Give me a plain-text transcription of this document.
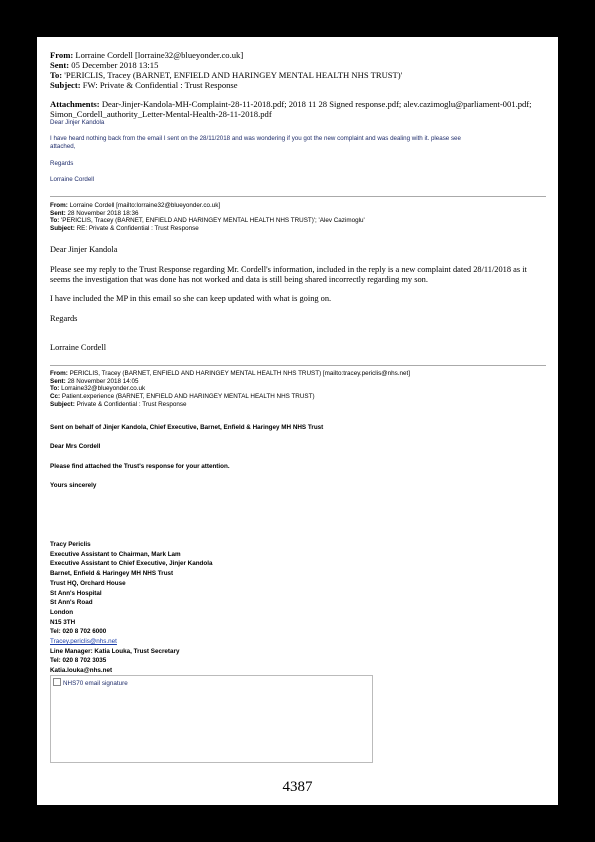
From: Lorraine Cordell [lorraine32@blueyonder.co.uk]
Sent: 05 December 2018 13:15
To: 'PERICLIS, Tracey (BARNET, ENFIELD AND HARINGEY MENTAL HEALTH NHS TRUST)'
Subject: FW: Private & Confidential : Trust Response
Attachments: Dear-Jinjer-Kandola-MH-Complaint-28-11-2018.pdf; 2018 11 28 Signed response.pdf; alev.cazimoglu@parliament-001.pdf;
Simon_Cordell_authority_Letter-Mental-Health-28-11-2018.pdf
Dear Jinjer Kandola
I have heard nothing back from the email I sent on the 28/11/2018 and was wondering if you got the new complaint and was dealing with it. please see
attached,
Regards
Lorraine Cordell
From: Lorraine Cordell [mailto:lorraine32@blueyonder.co.uk]
Sent: 28 November 2018 18:36
To: 'PERICLIS, Tracey (BARNET, ENFIELD AND HARINGEY MENTAL HEALTH NHS TRUST)'; 'Alev Cazimoglu'
Subject: RE: Private & Confidential : Trust Response
Dear Jinjer Kandola
Please see my reply to the Trust Response regarding Mr. Cordell's information, included in the reply is a new complaint dated 28/11/2018 as it
seems the investigation that was done has not worked and data is still being shared incorrectly regarding my son.
I have included the MP in this email so she can keep updated with what is going on.
Regards
Lorraine Cordell
From: PERICLIS, Tracey (BARNET, ENFIELD AND HARINGEY MENTAL HEALTH NHS TRUST) [mailto:tracey.periclis@nhs.net]
Sent: 28 November 2018 14:05
To: Lorraine32@blueyonder.co.uk
Cc: Patient.experience (BARNET, ENFIELD AND HARINGEY MENTAL HEALTH NHS TRUST)
Subject: Private & Confidential : Trust Response
Sent on behalf of Jinjer Kandola, Chief Executive, Barnet, Enfield & Haringey MH NHS Trust
Dear Mrs Cordell
Please find attached the Trust's response for your attention.
Yours sincerely
Tracy Periclis
Executive Assistant to Chairman, Mark Lam
Executive Assistant to Chief Executive, Jinjer Kandola
Barnet, Enfield & Haringey MH NHS Trust
Trust HQ, Orchard House
St Ann's Hospital
St Ann's Road
London
N15 3TH
Tel: 020 8 702 6000
Tracey.periclis@nhs.net
Line Manager: Katia Louka, Trust Secretary
Tel: 020 8 702 3035
Katia.louka@nhs.net
NHS70 email signature
4387
